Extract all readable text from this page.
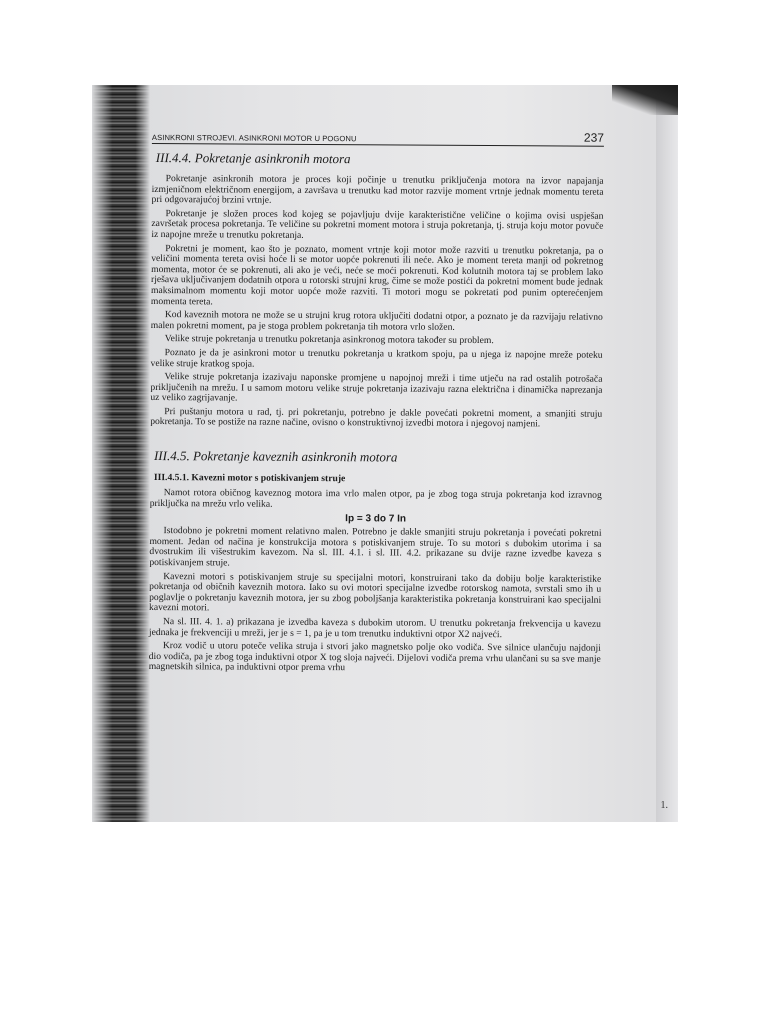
1.
ASINKRONI STROJEVI. ASINKRONI MOTOR U POGONU	237
III.4.4. Pokretanje asinkronih motora

Pokretanje asinkronih motora je proces koji počinje u trenutku priključenja motora na izvor napajanja izmjeničnom električnom energijom, a završava u trenutku kad motor razvije moment vrtnje jednak momentu tereta pri odgovarajućoj brzini vrtnje.

Pokretanje je složen proces kod kojeg se pojavljuju dvije karakteristične veličine o kojima ovisi uspješan završetak procesa pokretanja. Te veličine su pokretni moment motora i struja pokretanja, tj. struja koju motor povuče iz napojne mreže u trenutku pokretanja.

Pokretni je moment, kao što je poznato, moment vrtnje koji motor može razviti u trenutku pokretanja, pa o veličini momenta tereta ovisi hoće li se motor uopće pokrenuti ili neće. Ako je moment tereta manji od pokretnog momenta, motor će se pokrenuti, ali ako je veći, neće se moći pokrenuti. Kod kolutnih motora taj se problem lako rješava uključivanjem dodatnih otpora u rotorski strujni krug, čime se može postići da pokretni moment bude jednak maksimalnom momentu koji motor uopće može razviti. Ti motori mogu se pokretati pod punim opterećenjem momenta tereta.

Kod kaveznih motora ne može se u strujni krug rotora uključiti dodatni otpor, a poznato je da razvijaju relativno malen pokretni moment, pa je stoga problem pokretanja tih motora vrlo složen.

Velike struje pokretanja u trenutku pokretanja asinkronog motora također su problem.

Poznato je da je asinkroni motor u trenutku pokretanja u kratkom spoju, pa u njega iz napojne mreže poteku velike struje kratkog spoja.

Velike struje pokretanja izazivaju naponske promjene u napojnoj mreži i time utječu na rad ostalih potrošača priključenih na mrežu. I u samom motoru velike struje pokretanja izazivaju razna električna i dinamička naprezanja uz veliko zagrijavanje.

Pri puštanju motora u rad, tj. pri pokretanju, potrebno je dakle povećati pokretni moment, a smanjiti struju pokretanja. To se postiže na razne načine, ovisno o konstruktivnoj izvedbi motora i njegovoj namjeni.

III.4.5. Pokretanje kaveznih asinkronih motora
III.4.5.1. Kavezni motor s potiskivanjem struje

Namot rotora običnog kaveznog motora ima vrlo malen otpor, pa je zbog toga struja pokretanja kod izravnog priključka na mrežu vrlo velika.

Ip = 3 do 7 In

Istodobno je pokretni moment relativno malen. Potrebno je dakle smanjiti struju pokretanja i povećati pokretni moment. Jedan od načina je konstrukcija motora s potiskivanjem struje. To su motori s dubokim utorima i sa dvostrukim ili višestrukim kavezom. Na sl. III. 4.1. i sl. III. 4.2. prikazane su dvije razne izvedbe kaveza s potiskivanjem struje.

Kavezni motori s potiskivanjem struje su specijalni motori, konstruirani tako da dobiju bolje karakteristike pokretanja od običnih kaveznih motora. Iako su ovi motori specijalne izvedbe rotorskog namota, svrstali smo ih u poglavlje o pokretanju kaveznih motora, jer su zbog poboljšanja karakteristika pokretanja konstruirani kao specijalni kavezni motori.

Na sl. III. 4. 1. a) prikazana je izvedba kaveza s dubokim utorom. U trenutku pokretanja frekvencija u kavezu jednaka je frekvenciji u mreži, jer je s = 1, pa je u tom trenutku induktivni otpor X2 najveći.

Kroz vodič u utoru poteče velika struja i stvori jako magnetsko polje oko vodiča. Sve silnice ulančuju najdonji dio vodiča, pa je zbog toga induktivni otpor X tog sloja najveći. Dijelovi vodiča prema vrhu ulančani su sa sve manje magnetskih silnica, pa induktivni otpor prema vrhu
